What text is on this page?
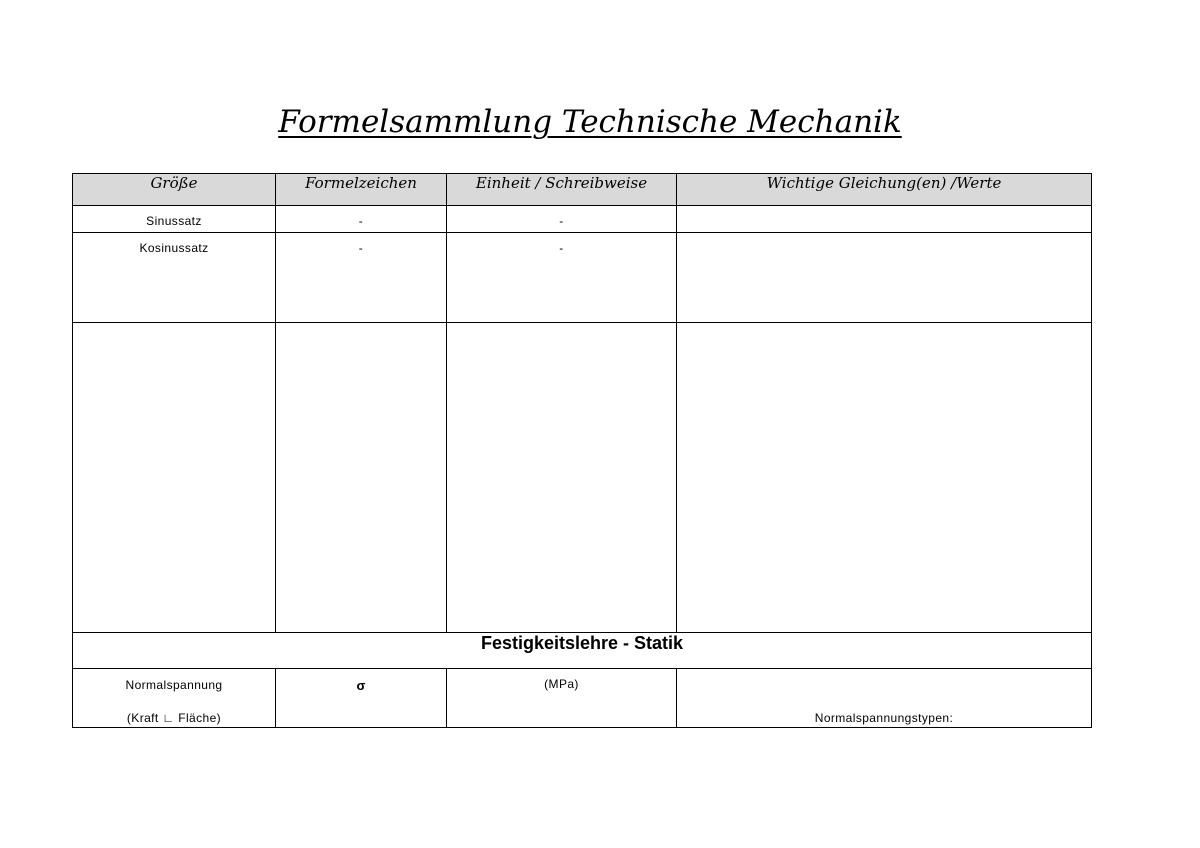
Formelsammlung Technische Mechanik
Größe	Formelzeichen	Einheit / Schreibweise	Wichtige Gleichung(en) /Werte

Sinussatz	-	-	

Kosinussatz	-	-	

Festigkeitslehre - Statik			

Normalspannung
(Kraft ∟ Fläche)	σ	(MPa)	Normalspannungstypen:
